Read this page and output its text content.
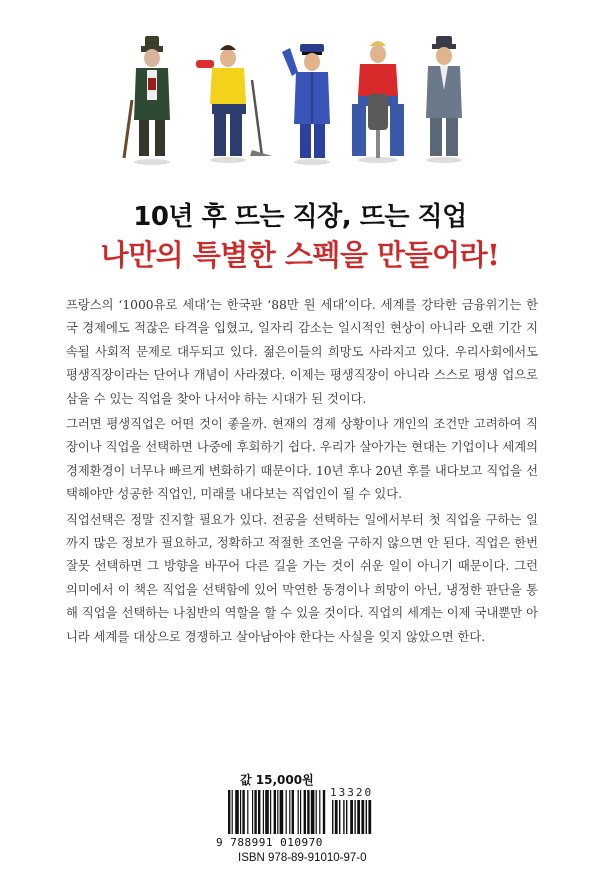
10년 후 뜨는 직장, 뜨는 직업
나만의 특별한 스펙을 만들어라!

프랑스의 ‘1000유로 세대’는 한국판 ‘88만 원 세대’이다. 세계를 강타한 금융위기는 한국 경제에도 적잖은 타격을 입혔고, 일자리 감소는 일시적인 현상이 아니라 오랜 기간 지속될 사회적 문제로 대두되고 있다. 젊은이들의 희망도 사라지고 있다. 우리사회에서도 평생직장이라는 단어나 개념이 사라졌다. 이제는 평생직장이 아니라 스스로 평생 업으로 삼을 수 있는 직업을 찾아 나서야 하는 시대가 된 것이다.

그러면 평생직업은 어떤 것이 좋을까. 현재의 경제 상황이나 개인의 조건만 고려하여 직장이나 직업을 선택하면 나중에 후회하기 쉽다. 우리가 살아가는 현대는 기업이나 세계의 경제환경이 너무나 빠르게 변화하기 때문이다. 10년 후나 20년 후를 내다보고 직업을 선택해야만 성공한 직업인, 미래를 내다보는 직업인이 될 수 있다.

직업선택은 정말 진지할 필요가 있다. 전공을 선택하는 일에서부터 첫 직업을 구하는 일까지 많은 정보가 필요하고, 정확하고 적절한 조언을 구하지 않으면 안 된다. 직업은 한번 잘못 선택하면 그 방향을 바꾸어 다른 길을 가는 것이 쉬운 일이 아니기 때문이다. 그런 의미에서 이 책은 직업을 선택함에 있어 막연한 동경이나 희망이 아닌, 냉정한 판단을 통해 직업을 선택하는 나침반의 역할을 할 수 있을 것이다. 직업의 세계는 이제 국내뿐만 아니라 세계를 대상으로 경쟁하고 살아남아야 한다는 사실을 잊지 않았으면 한다.

값 15,000원
13320
9 788991 010970
ISBN 978-89-91010-97-0
